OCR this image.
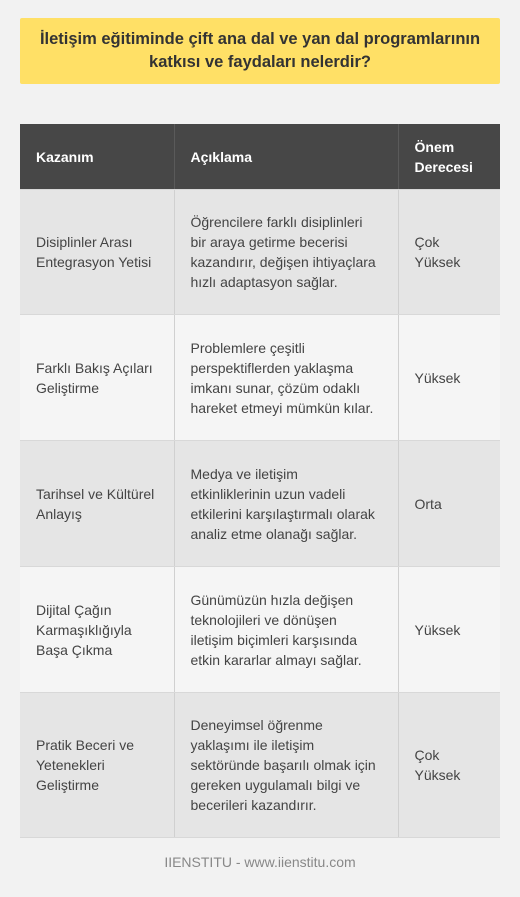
İletişim eğitiminde çift ana dal ve yan dal programlarının katkısı ve faydaları nelerdir?
Kazanım	Açıklama	Önem Derecesi
Disiplinler Arası Entegrasyon Yetisi	Öğrencilere farklı disiplinleri bir araya getirme becerisi kazandırır, değişen ihtiyaçlara hızlı adaptasyon sağlar.	Çok Yüksek
Farklı Bakış Açıları Geliştirme	Problemlere çeşitli perspektiflerden yaklaşma imkanı sunar, çözüm odaklı hareket etmeyi mümkün kılar.	Yüksek
Tarihsel ve Kültürel Anlayış	Medya ve iletişim etkinliklerinin uzun vadeli etkilerini karşılaştırmalı olarak analiz etme olanağı sağlar.	Orta
Dijital Çağın Karmaşıklığıyla Başa Çıkma	Günümüzün hızla değişen teknolojileri ve dönüşen iletişim biçimleri karşısında etkin kararlar almayı sağlar.	Yüksek
Pratik Beceri ve Yetenekleri Geliştirme	Deneyimsel öğrenme yaklaşımı ile iletişim sektöründe başarılı olmak için gereken uygulamalı bilgi ve becerileri kazandırır.	Çok Yüksek
IIENSTITU - www.iienstitu.com
